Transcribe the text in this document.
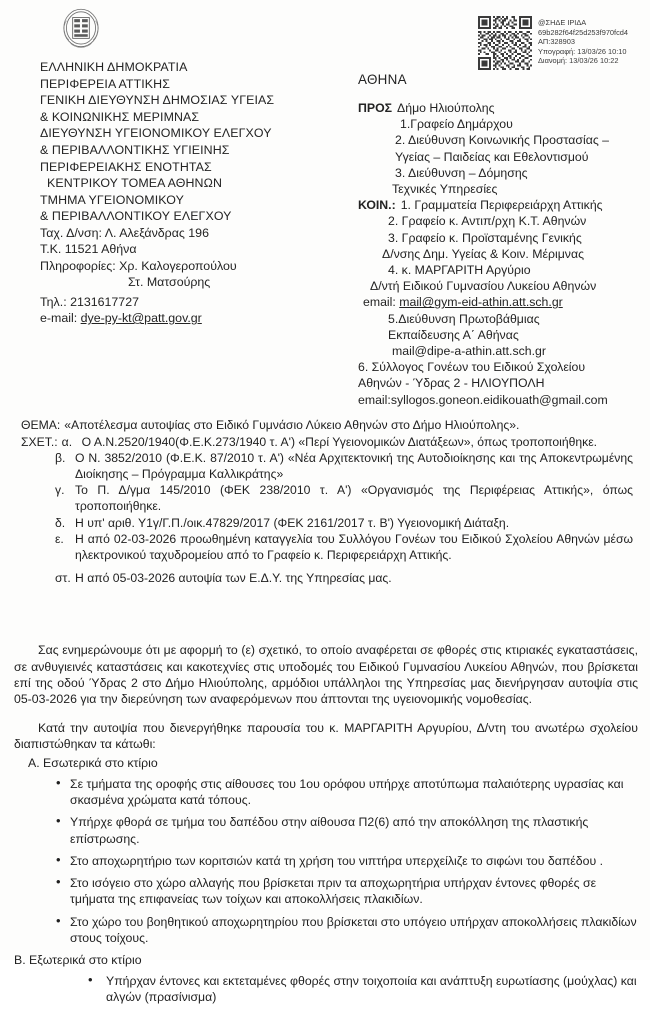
ΕΛΛΗΝΙΚΗ ΔΗΜΟΚΡΑΤΙΑ
ΠΕΡΙΦΕΡΕΙΑ ΑΤΤΙΚΗΣ
ΓΕΝΙΚΗ ΔΙΕΥΘΥΝΣΗ ΔΗΜΟΣΙΑΣ ΥΓΕΙΑΣ
& ΚΟΙΝΩΝΙΚΗΣ ΜΕΡΙΜΝΑΣ
ΔΙΕΥΘΥΝΣΗ ΥΓΕΙΟΝΟΜΙΚΟΥ ΕΛΕΓΧΟΥ
& ΠΕΡΙΒΑΛΛΟΝΤΙΚΗΣ ΥΓΙΕΙΝΗΣ
ΠΕΡΙΦΕΡΕΙΑΚΗΣ ΕΝΟΤΗΤΑΣ
ΚΕΝΤΡΙΚΟΥ ΤΟΜΕΑ ΑΘΗΝΩΝ
ΤΜΗΜΑ ΥΓΕΙΟΝΟΜΙΚΟΥ
& ΠΕΡΙΒΑΛΛΟΝΤΙΚΟΥ ΕΛΕΓΧΟΥ
Ταχ. Δ/νση: Λ. Αλεξάνδρας 196
Τ.Κ. 11521 Αθήνα
Πληροφορίες: Χρ. Καλογεροπούλου
Στ. Ματσούρης
Τηλ.: 2131617727
e-mail: dye-py-kt@patt.gov.gr
@ΣΗΔΕ ΙΡΙΔΑ
69b282f64f25d253f970fcd4
ΑΠ:328903
Υπογραφή: 13/03/26 10:10
Διανομή: 13/03/26 10:22
ΑΘΗΝΑ
ΠΡΟΣ Δήμο Ηλιούπολης
1.Γραφείο Δημάρχου
2. Διεύθυνση Κοινωνικής Προστασίας –
Υγείας – Παιδείας και Εθελοντισμού
3. Διεύθυνση – Δόμησης
Τεχνικές Υπηρεσίες
ΚΟΙΝ.: 1. Γραμματεία Περιφερειάρχη Αττικής
2. Γραφείο κ. Αντιπ/ρχη Κ.Τ. Αθηνών
3. Γραφείο κ. Προϊσταμένης Γενικής
Δ/νσης Δημ. Υγείας & Κοιν. Μέριμνας
4. κ. ΜΑΡΓΑΡΙΤΗ Αργύριο
Δ/ντή Ειδικού Γυμνασίου Λυκείου Αθηνών
email: mail@gym-eid-athin.att.sch.gr
5.Διεύθυνση Πρωτοβάθμιας
Εκπαίδευσης Α΄ Αθήνας
mail@dipe-a-athin.att.sch.gr
6. Σύλλογος Γονέων του Ειδικού Σχολείου
Αθηνών - Ύδρας 2 - ΗΛΙΟΥΠΟΛΗ
email:syllogos.goneon.eidikouath@gmail.com
ΘΕΜΑ: «Αποτέλεσμα αυτοψίας στο Ειδικό Γυμνάσιο Λύκειο Αθηνών στο Δήμο Ηλιούπολης».
ΣΧΕΤ.: α. Ο Α.Ν.2520/1940(Φ.Ε.Κ.273/1940 τ. Α') «Περί Υγειονομικών Διατάξεων», όπως τροποποιήθηκε.
β. Ο Ν. 3852/2010 (Φ.Ε.Κ. 87/2010 τ. Α') «Νέα Αρχιτεκτονική της Αυτοδιοίκησης και της Αποκεντρωμένης Διοίκησης – Πρόγραμμα Καλλικράτης»
γ. Το Π. Δ/γμα 145/2010 (ΦΕΚ 238/2010 τ. Α') «Οργανισμός της Περιφέρειας Αττικής», όπως τροποποιήθηκε.
δ. Η υπ' αριθ. Υ1γ/Γ.Π./οικ.47829/2017 (ΦΕΚ 2161/2017 τ. Β') Υγειονομική Διάταξη.
ε. Η από 02-03-2026 προωθημένη καταγγελία του Συλλόγου Γονέων του Ειδικού Σχολείου Αθηνών μέσω ηλεκτρονικού ταχυδρομείου από το Γραφείο κ. Περιφερειάρχη Αττικής.
στ. Η από 05-03-2026 αυτοψία των Ε.Δ.Υ. της Υπηρεσίας μας.

Σας ενημερώνουμε ότι με αφορμή το (ε) σχετικό, το οποίο αναφέρεται σε φθορές στις κτιριακές εγκαταστάσεις, σε ανθυγιεινές καταστάσεις και κακοτεχνίες στις υποδομές του Ειδικού Γυμνασίου Λυκείου Αθηνών, που βρίσκεται επί της οδού Ύδρας 2 στο Δήμο Ηλιούπολης, αρμόδιοι υπάλληλοι της Υπηρεσίας μας διενήργησαν αυτοψία στις 05-03-2026 για την διερεύνηση των αναφερόμενων που άπτονται της υγειονομικής νομοθεσίας.

Κατά την αυτοψία που διενεργήθηκε παρουσία του κ. ΜΑΡΓΑΡΙΤΗ Αργυρίου, Δ/ντη του ανωτέρω σχολείου διαπιστώθηκαν τα κάτωθι:

Α. Εσωτερικά στο κτίριο
• Σε τμήματα της οροφής στις αίθουσες του 1ου ορόφου υπήρχε αποτύπωμα παλαιότερης υγρασίας και σκασμένα χρώματα κατά τόπους.
• Υπήρχε φθορά σε τμήμα του δαπέδου στην αίθουσα Π2(6) από την αποκόλληση της πλαστικής επίστρωσης.
• Στο αποχωρητήριο των κοριτσιών κατά τη χρήση του νιπτήρα υπερχείλιζε το σιφώνι του δαπέδου .
• Στο ισόγειο στο χώρο αλλαγής που βρίσκεται πριν τα αποχωρητήρια υπήρχαν έντονες φθορές σε τμήματα της επιφανείας των τοίχων και αποκολλήσεις πλακιδίων.
• Στο χώρο του βοηθητικού αποχωρητηρίου που βρίσκεται στο υπόγειο υπήρχαν αποκολλήσεις πλακιδίων στους τοίχους.
Β. Εξωτερικά στο κτίριο
• Υπήρχαν έντονες και εκτεταμένες φθορές στην τοιχοποιία και ανάπτυξη ευρωτίασης (μούχλας) και αλγών (πρασίνισμα)
